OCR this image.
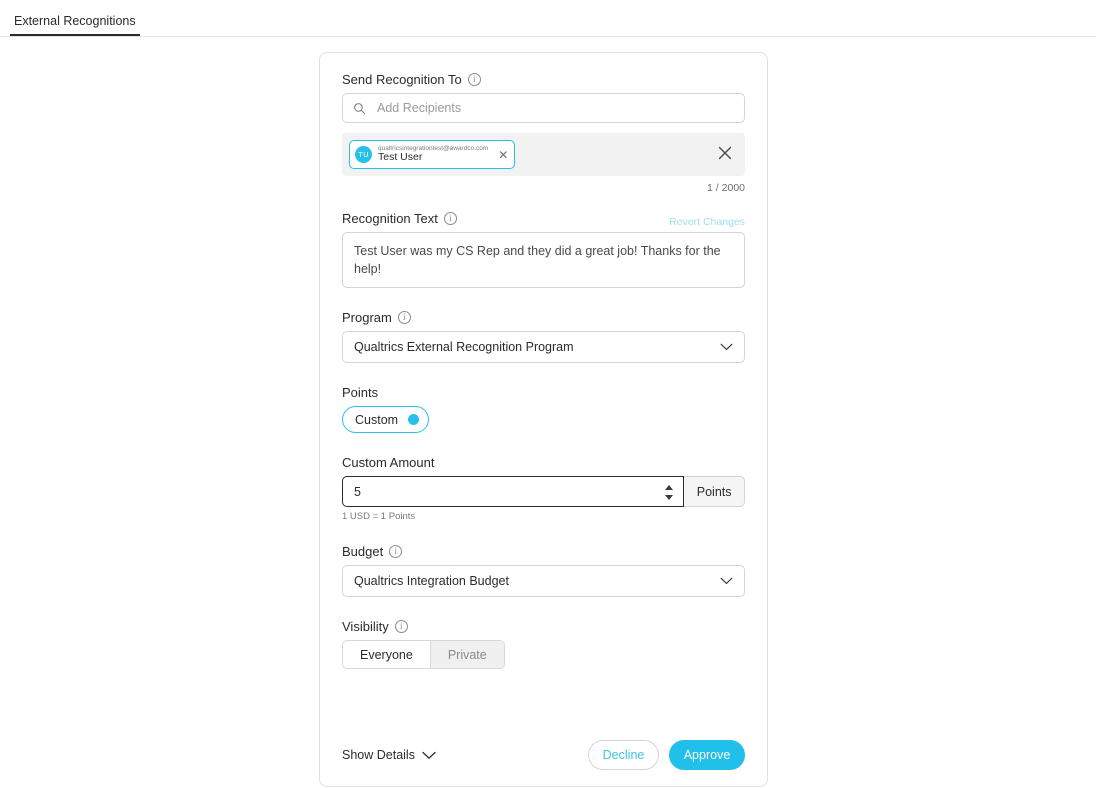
External Recognitions
Send Recognition To	i
Add Recipients
TU
qualtricsintegrationtest@awardco.com
Test User	✕
1 / 2000
Recognition Text	i	Revert Changes
Test User was my CS Rep and they did a great job! Thanks for the help!
Program	i
Qualtrics External Recognition Program
Points
Custom
Custom Amount
5	Points
1 USD = 1 Points
Budget	i
Qualtrics Integration Budget
Visibility	i
Everyone	Private
Show Details	Decline	Approve
